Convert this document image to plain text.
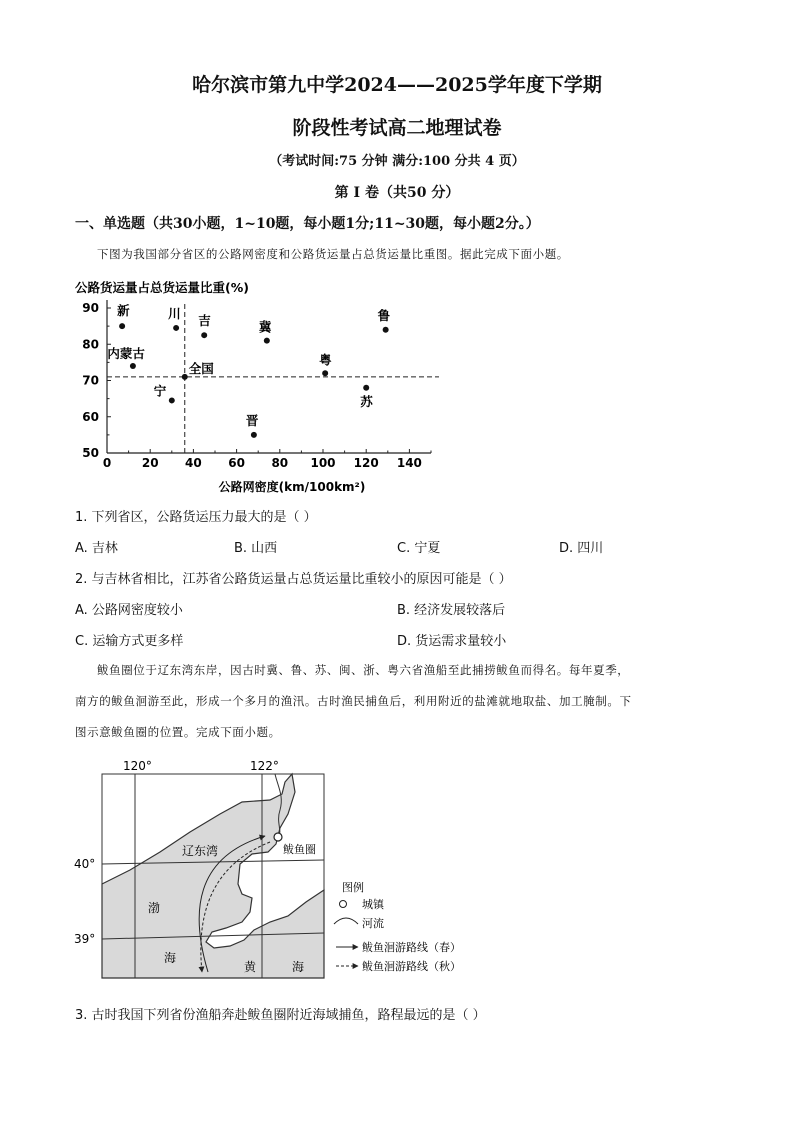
哈尔滨市第九中学2024——2025学年度下学期
阶段性考试高二地理试卷
（考试时间:75 分钟 满分:100 分共 4 页）
第 I 卷（共50 分）
一、单选题（共30小题，1~10题，每小题1分;11~30题，每小题2分。）
下图为我国部分省区的公路网密度和公路货运量占总货运量比重图。据此完成下面小题。
公路货运量占总货运量比重(%)
0	20 40 60 80 100 120 140
50
60
70
80
90 新	川 吉	冀
鲁
内蒙古
全国
宁
粤
苏
晋
公路网密度(km/100km²)
1. 下列省区，公路货运压力最大的是（ ）
A. 吉林	B. 山西	C. 宁夏	D. 四川
2. 与吉林省相比，江苏省公路货运量占总货运量比重较小的原因可能是（ ）
A. 公路网密度较小	B. 经济发展较落后
C. 运输方式更多样	D. 货运需求量较小
鲅鱼圈位于辽东湾东岸，因古时冀、鲁、苏、闽、浙、粤六省渔船至此捕捞鲅鱼而得名。每年夏季，
南方的鲅鱼洄游至此，形成一个多月的渔汛。古时渔民捕鱼后，利用附近的盐滩就地取盐、加工腌制。下
图示意鲅鱼圈的位置。完成下面小题。
120°	122°
40°
39°
辽东湾	鲅鱼圈
渤
海
黄	海
图例
城镇
河流
鲅鱼洄游路线（春）
鲅鱼洄游路线（秋）
3. 古时我国下列省份渔船奔赴鲅鱼圈附近海域捕鱼，路程最远的是（ ）
